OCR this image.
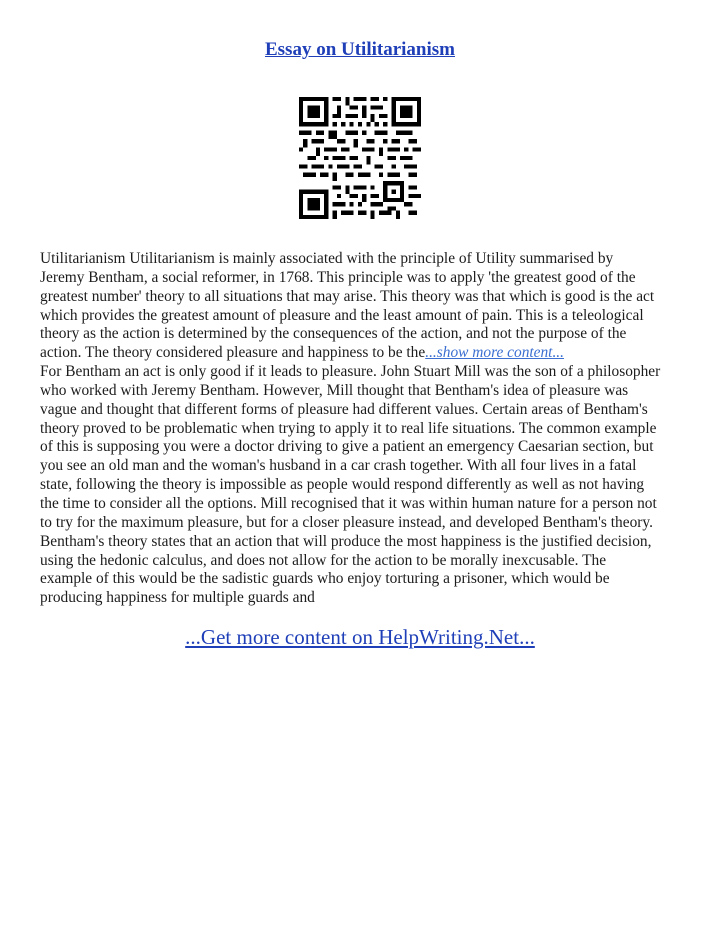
Essay on Utilitarianism

Utilitarianism Utilitarianism is mainly associated with the principle of Utility summarised by
Jeremy Bentham, a social reformer, in 1768. This principle was to apply 'the greatest good of the
greatest number' theory to all situations that may arise. This theory was that which is good is the act
which provides the greatest amount of pleasure and the least amount of pain. This is a teleological
theory as the action is determined by the consequences of the action, and not the purpose of the
action. The theory considered pleasure and happiness to be the...show more content...

For Bentham an act is only good if it leads to pleasure. John Stuart Mill was the son of a philosopher
who worked with Jeremy Bentham. However, Mill thought that Bentham's idea of pleasure was
vague and thought that different forms of pleasure had different values. Certain areas of Bentham's
theory proved to be problematic when trying to apply it to real life situations. The common example
of this is supposing you were a doctor driving to give a patient an emergency Caesarian section, but
you see an old man and the woman's husband in a car crash together. With all four lives in a fatal
state, following the theory is impossible as people would respond differently as well as not having
the time to consider all the options. Mill recognised that it was within human nature for a person not
to try for the maximum pleasure, but for a closer pleasure instead, and developed Bentham's theory.
Bentham's theory states that an action that will produce the most happiness is the justified decision,
using the hedonic calculus, and does not allow for the action to be morally inexcusable. The
example of this would be the sadistic guards who enjoy torturing a prisoner, which would be
producing happiness for multiple guards and

...Get more content on HelpWriting.Net...
